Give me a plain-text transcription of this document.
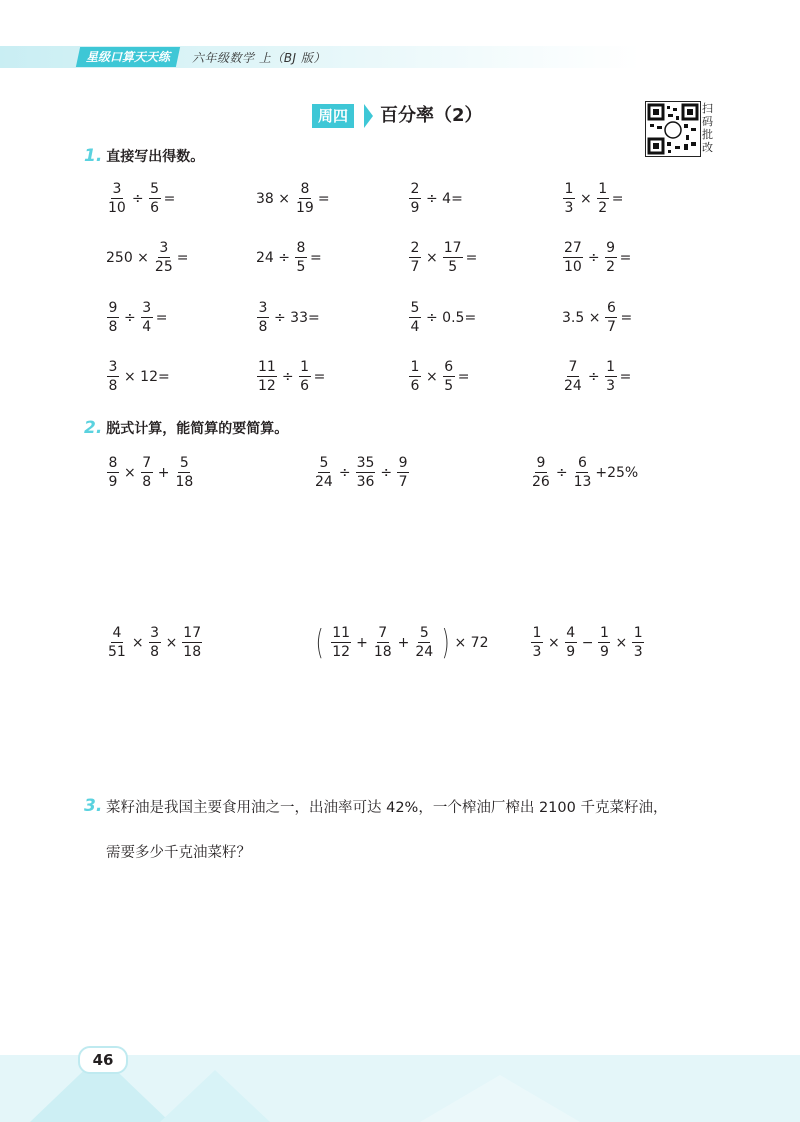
星级口算天天练	六年级数学 上（BJ 版）
周四	百分率（2）	扫码批改
1. 直接写出得数。
$\frac{3}{10} \div \frac{5}{6}$ =	$38 \times \frac{8}{19}$ =	$\frac{2}{9} \div 4=$	$\frac{1}{3} \times \frac{1}{2}$ =
$250 \times \frac{3}{25}$ =	$24 \div \frac{8}{5}$ =	$\frac{2}{7} \times \frac{17}{5}$ =	$\frac{27}{10} \div \frac{9}{2}$ =
$\frac{9}{8} \div \frac{3}{4}$ =	$\frac{3}{8} \div 33=$	$\frac{5}{4} \div 0.5=$	$3.5 \times \frac{6}{7}$ =
$\frac{3}{8} \times 12=$	$\frac{11}{12} \div \frac{1}{6}$ =	$\frac{1}{6} \times \frac{6}{5}$ =	$\frac{7}{24} \div \frac{1}{3}$ =
2. 脱式计算，能简算的要简算。
$\frac{8}{9} \times \frac{7}{8} + \frac{5}{18}$	$\frac{5}{24} \div \frac{35}{36} \div \frac{9}{7}$	$\frac{9}{26} \div \frac{6}{13} +25\%$
$\frac{4}{51} \times \frac{3}{8} \times \frac{17}{18}$	( $\frac{11}{12} + \frac{7}{18} + \frac{5}{24}$ ) × 72	$\frac{1}{3} \times \frac{4}{9} - \frac{1}{9} \times \frac{1}{3}$
3. 菜籽油是我国主要食用油之一，出油率可达 42%，一个榨油厂榨出 2100 千克菜籽油，
需要多少千克油菜籽？
46
